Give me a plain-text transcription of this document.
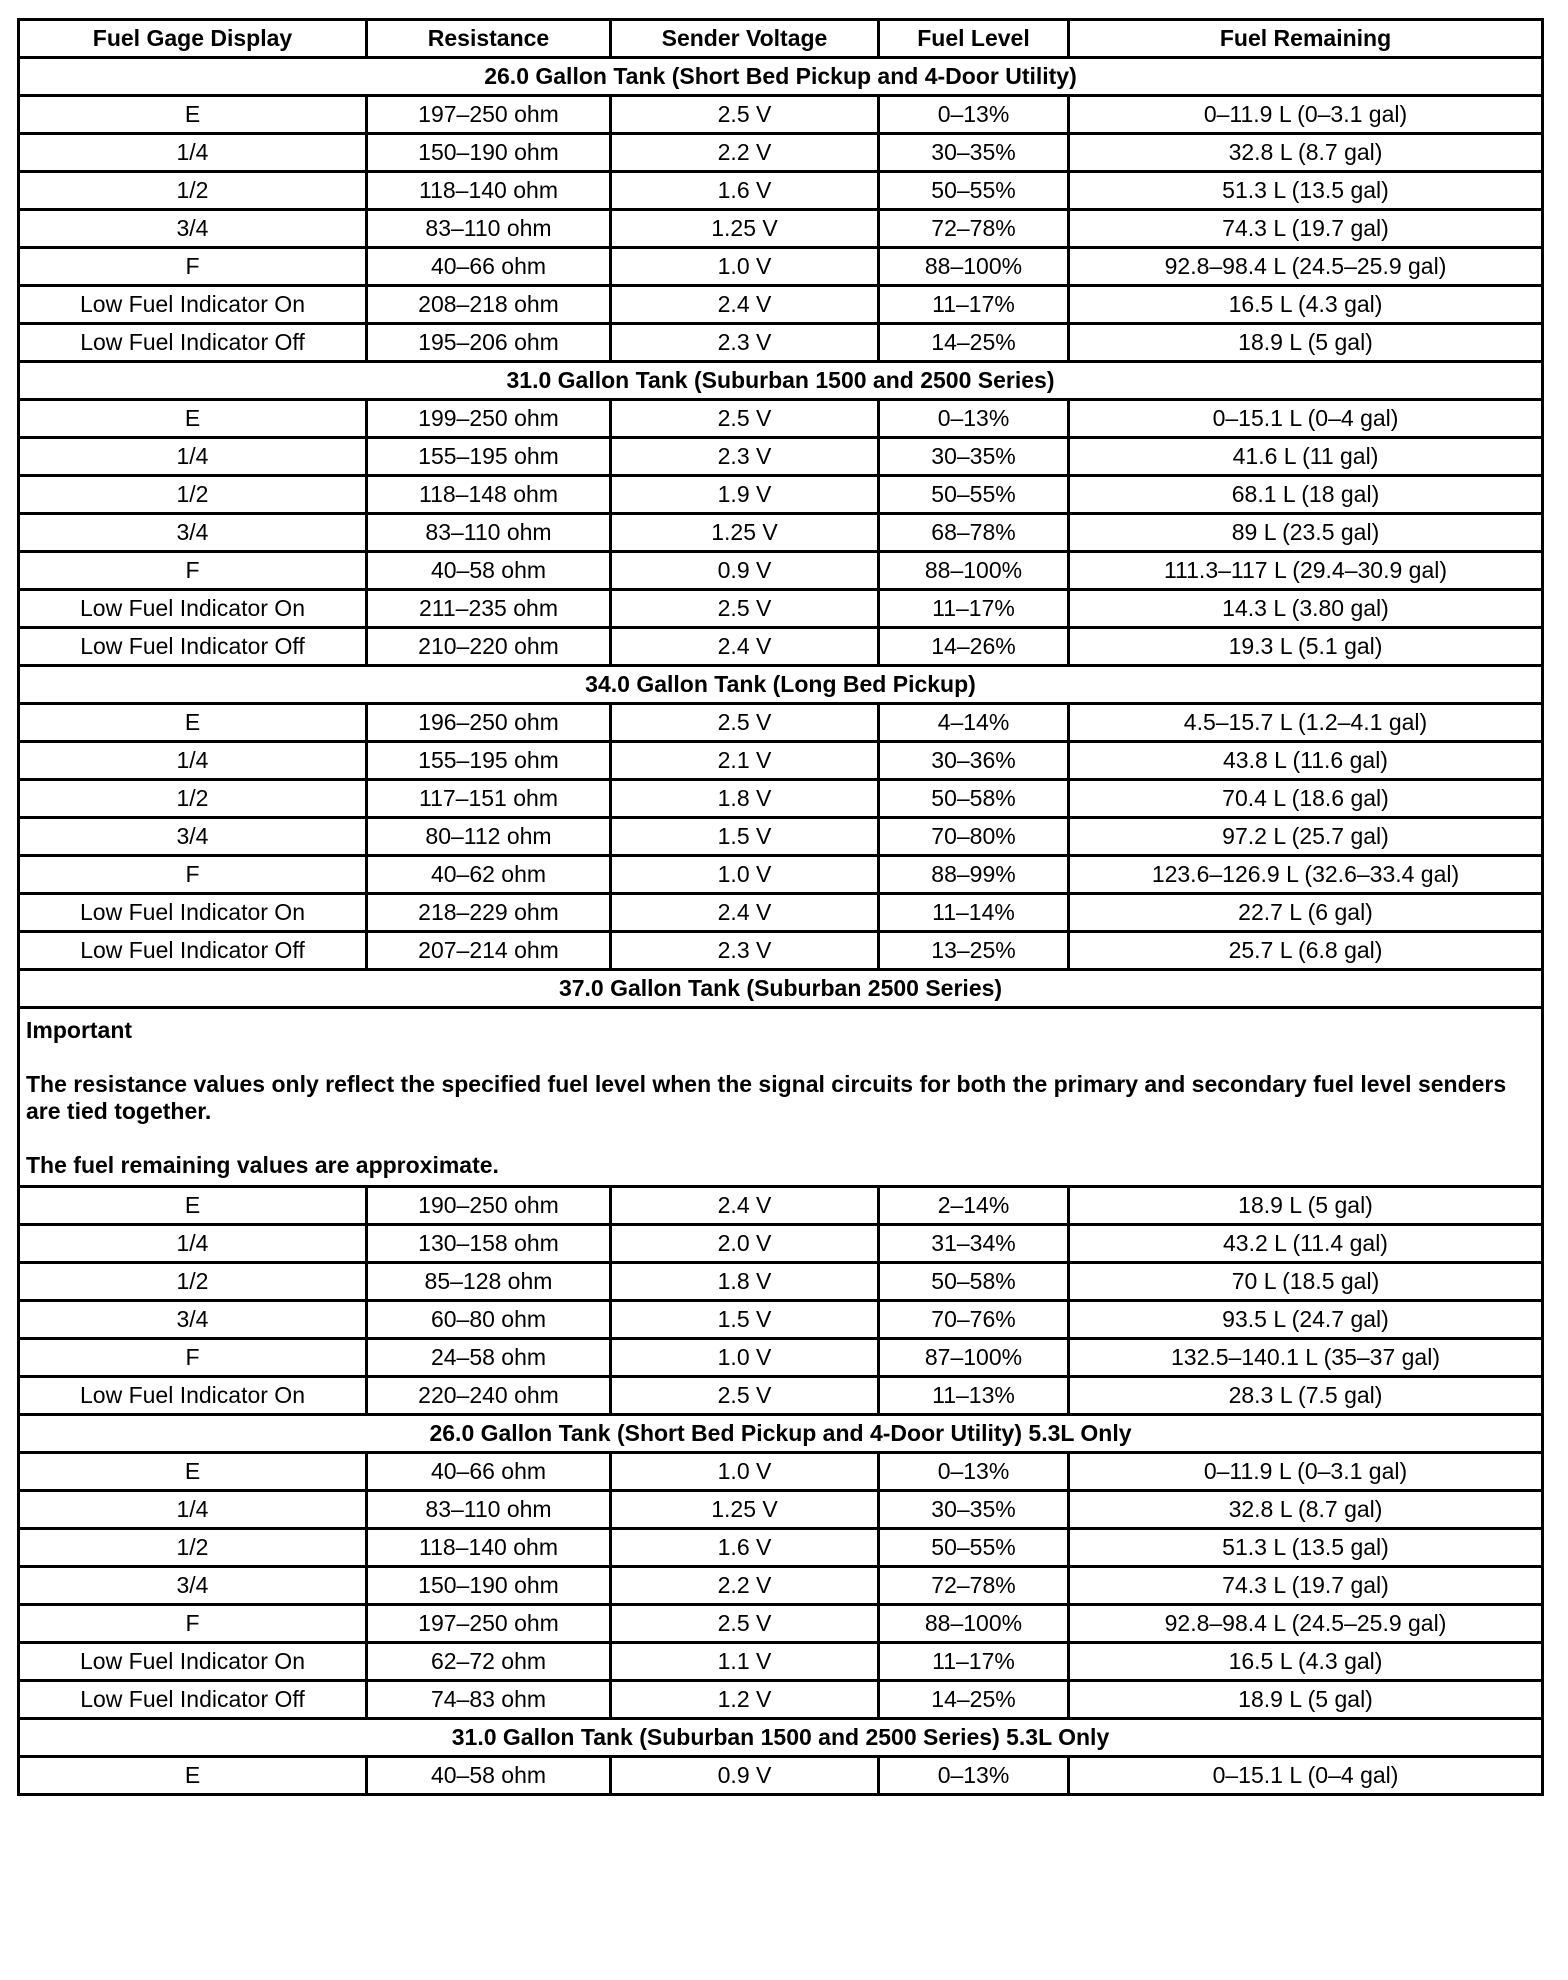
Fuel Gage Display	Resistance	Sender Voltage	Fuel Level	Fuel Remaining
26.0 Gallon Tank (Short Bed Pickup and 4-Door Utility)				
E	197–250 ohm	2.5 V	0–13%	0–11.9 L (0–3.1 gal)
1/4	150–190 ohm	2.2 V	30–35%	32.8 L (8.7 gal)
1/2	118–140 ohm	1.6 V	50–55%	51.3 L (13.5 gal)
3/4	83–110 ohm	1.25 V	72–78%	74.3 L (19.7 gal)
F	40–66 ohm	1.0 V	88–100%	92.8–98.4 L (24.5–25.9 gal)
Low Fuel Indicator On	208–218 ohm	2.4 V	11–17%	16.5 L (4.3 gal)
Low Fuel Indicator Off	195–206 ohm	2.3 V	14–25%	18.9 L (5 gal)
31.0 Gallon Tank (Suburban 1500 and 2500 Series)				
E	199–250 ohm	2.5 V	0–13%	0–15.1 L (0–4 gal)
1/4	155–195 ohm	2.3 V	30–35%	41.6 L (11 gal)
1/2	118–148 ohm	1.9 V	50–55%	68.1 L (18 gal)
3/4	83–110 ohm	1.25 V	68–78%	89 L (23.5 gal)
F	40–58 ohm	0.9 V	88–100%	111.3–117 L (29.4–30.9 gal)
Low Fuel Indicator On	211–235 ohm	2.5 V	11–17%	14.3 L (3.80 gal)
Low Fuel Indicator Off	210–220 ohm	2.4 V	14–26%	19.3 L (5.1 gal)
34.0 Gallon Tank (Long Bed Pickup)				
E	196–250 ohm	2.5 V	4–14%	4.5–15.7 L (1.2–4.1 gal)
1/4	155–195 ohm	2.1 V	30–36%	43.8 L (11.6 gal)
1/2	117–151 ohm	1.8 V	50–58%	70.4 L (18.6 gal)
3/4	80–112 ohm	1.5 V	70–80%	97.2 L (25.7 gal)
F	40–62 ohm	1.0 V	88–99%	123.6–126.9 L (32.6–33.4 gal)
Low Fuel Indicator On	218–229 ohm	2.4 V	11–14%	22.7 L (6 gal)
Low Fuel Indicator Off	207–214 ohm	2.3 V	13–25%	25.7 L (6.8 gal)
37.0 Gallon Tank (Suburban 2500 Series)				

Important

The resistance values only reflect the specified fuel level when the signal circuits for both the primary and secondary fuel level senders are tied together.

The fuel remaining values are approximate.				

E	190–250 ohm	2.4 V	2–14%	18.9 L (5 gal)
1/4	130–158 ohm	2.0 V	31–34%	43.2 L (11.4 gal)
1/2	85–128 ohm	1.8 V	50–58%	70 L (18.5 gal)
3/4	60–80 ohm	1.5 V	70–76%	93.5 L (24.7 gal)
F	24–58 ohm	1.0 V	87–100%	132.5–140.1 L (35–37 gal)
Low Fuel Indicator On	220–240 ohm	2.5 V	11–13%	28.3 L (7.5 gal)
26.0 Gallon Tank (Short Bed Pickup and 4-Door Utility) 5.3L Only				
E	40–66 ohm	1.0 V	0–13%	0–11.9 L (0–3.1 gal)
1/4	83–110 ohm	1.25 V	30–35%	32.8 L (8.7 gal)
1/2	118–140 ohm	1.6 V	50–55%	51.3 L (13.5 gal)
3/4	150–190 ohm	2.2 V	72–78%	74.3 L (19.7 gal)
F	197–250 ohm	2.5 V	88–100%	92.8–98.4 L (24.5–25.9 gal)
Low Fuel Indicator On	62–72 ohm	1.1 V	11–17%	16.5 L (4.3 gal)
Low Fuel Indicator Off	74–83 ohm	1.2 V	14–25%	18.9 L (5 gal)
31.0 Gallon Tank (Suburban 1500 and 2500 Series) 5.3L Only				
E	40–58 ohm	0.9 V	0–13%	0–15.1 L (0–4 gal)
